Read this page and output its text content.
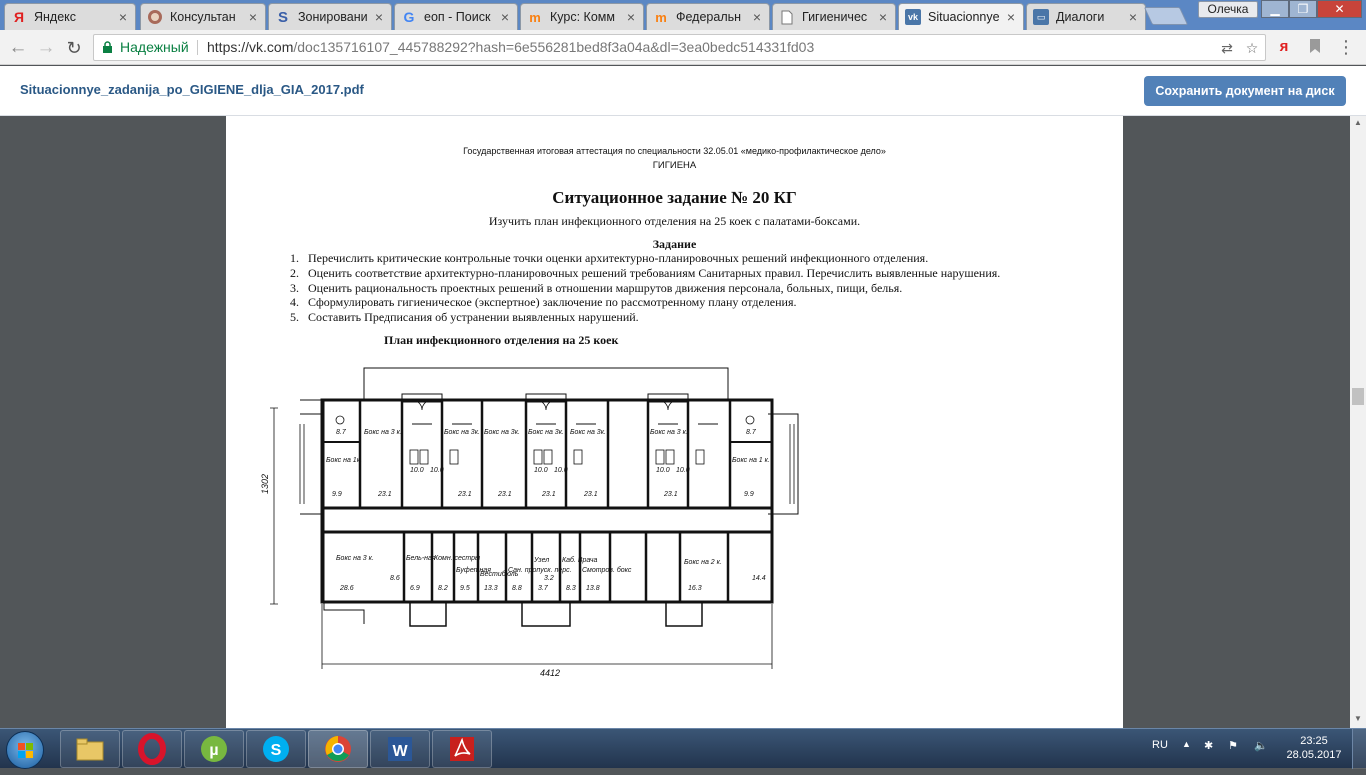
Я Яндекс	×	Консультан × S Зонировани × G еоп - Поиск × m Курс: Комм × m Федеральн ×	Гигиеничес ×	vk Situacionnye ×	▭ Диалоги	×	Олечка	▁	❐	✕
← → ↻	Надежный https://vk.com/doc135716107_445788292?hash=6e556281bed8f3a04a&dl=3ea0bedc514331fd03	⇄ ☆	я	⋮
Situacionnye_zadanija_po_GIGIENE_dlja_GIA_2017.pdf	Сохранить документ на диск
Государственная итоговая аттестация по специальности 32.05.01 «медико-профилактическое дело»
ГИГИЕНА
Ситуационное задание № 20 КГ
Изучить план инфекционного отделения на 25 коек с палатами-боксами.
Задание
1. Перечислить критические контрольные точки оценки архитектурно-планировочных решений инфекционного отделения.
2. Оценить соответствие архитектурно-планировочных решений требованиям Санитарных правил. Перечислить выявленные нарушения.
3. Оценить рациональность проектных решений в отношении маршрутов движения персонала, больных, пищи, белья.
4. Сформулировать гигиеническое (экспертное) заключение по рассмотренному плану отделения.
5. Составить Предписания об устранении выявленных нарушений.
План инфекционного отделения на 25 коек
Бокс на 1к.
9.9
Бокс на 3 к.
23.1
Бокс на 3к.
23.1
Бокс на 3к.
23.1
Бокс на 3к.
23.1
Бокс на 3к.
23.1
Бокс на 3 к.
23.1
Бокс на 1 к.
9.9
8.7
10.0 10.0	10.0 10.0	10.0 10.0
8.7
Бокс на 3 к.
28.6
Бель-ная
6.9
Комн. сестры
8.2
Буфетная
9.5
Вестибюль
13.3
Сан. пропуск. перс.
8.8
Узел
3.7
Каб. Врача
8.3
Смотров. бокс
13.8
Бокс на 2 к.
16.3
8.6	3.2	14.4
1302
4412
▲
▼
µ	S	W	RU ▲ ✱ ⚑ 🔈	23:25
28.05.2017
